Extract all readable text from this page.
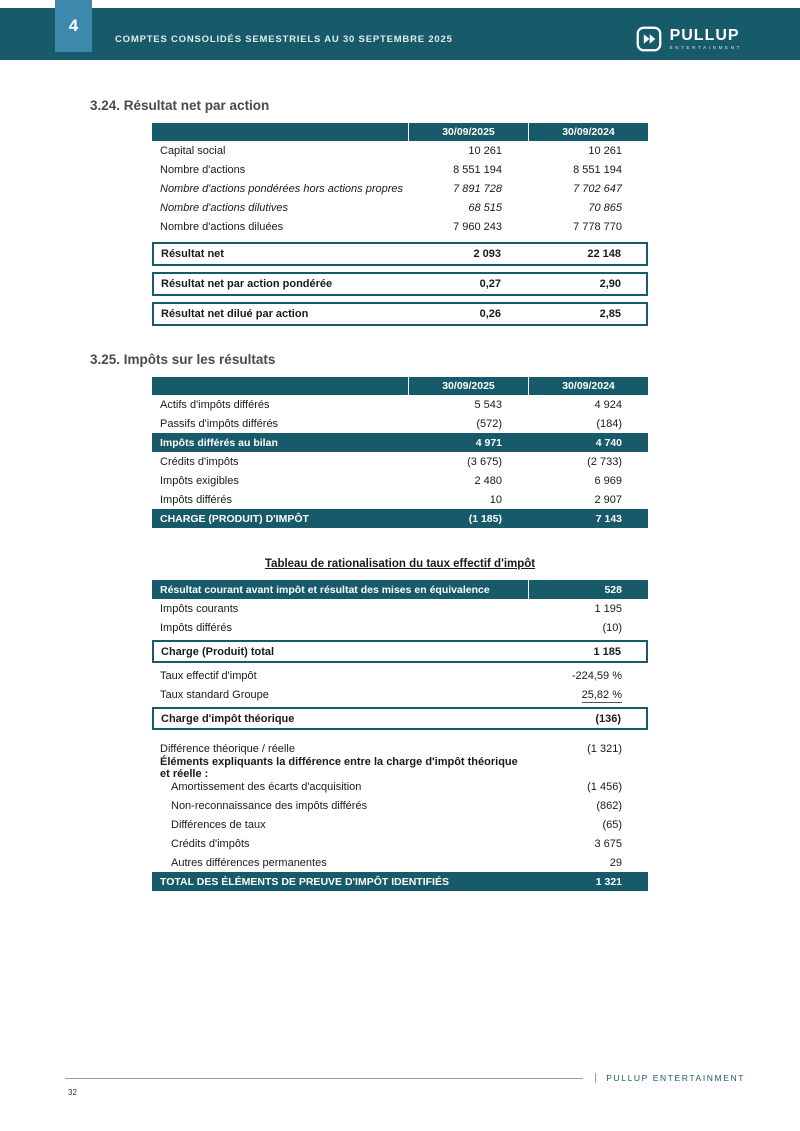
COMPTES CONSOLIDÉS SEMESTRIELS AU 30 SEPTEMBRE 2025	PULLUP
ENTERTAINMENT
4
3.24. Résultat net par action
30/09/2025	30/09/2024
Capital social	10 261	10 261
Nombre d'actions	8 551 194	8 551 194
Nombre d'actions pondérées hors actions propres	7 891 728	7 702 647
Nombre d'actions dilutives	68 515	70 865
Nombre d'actions diluées	7 960 243	7 778 770
Résultat net	2 093	22 148
Résultat net par action pondérée	0,27	2,90
Résultat net dilué par action	0,26	2,85
3.25. Impôts sur les résultats
30/09/2025	30/09/2024
Actifs d'impôts différés	5 543	4 924
Passifs d'impôts différés	(572)	(184)
Impôts différés au bilan	4 971	4 740
Crédits d'impôts	(3 675)	(2 733)
Impôts exigibles	2 480	6 969
Impôts différés	10	2 907
CHARGE (PRODUIT) D'IMPÔT	(1 185)	7 143
Tableau de rationalisation du taux effectif d'impôt
Résultat courant avant impôt et résultat des mises en équivalence	528
Impôts courants	1 195
Impôts différés	(10)
Charge (Produit) total	1 185
Taux effectif d'impôt	-224,59 %
Taux standard Groupe	25,82 %
Charge d'impôt théorique	(136)
Différence théorique / réelle	(1 321)
Éléments expliquants la différence entre la charge d'impôt théorique et réelle :
Amortissement des écarts d'acquisition	(1 456)
Non-reconnaissance des impôts différés	(862)
Différences de taux	(65)
Crédits d'impôts	3 675
Autres différences permanentes	29
TOTAL DES ÉLÉMENTS DE PREUVE D'IMPÔT IDENTIFIÉS	1 321
PULLUP ENTERTAINMENT
32
